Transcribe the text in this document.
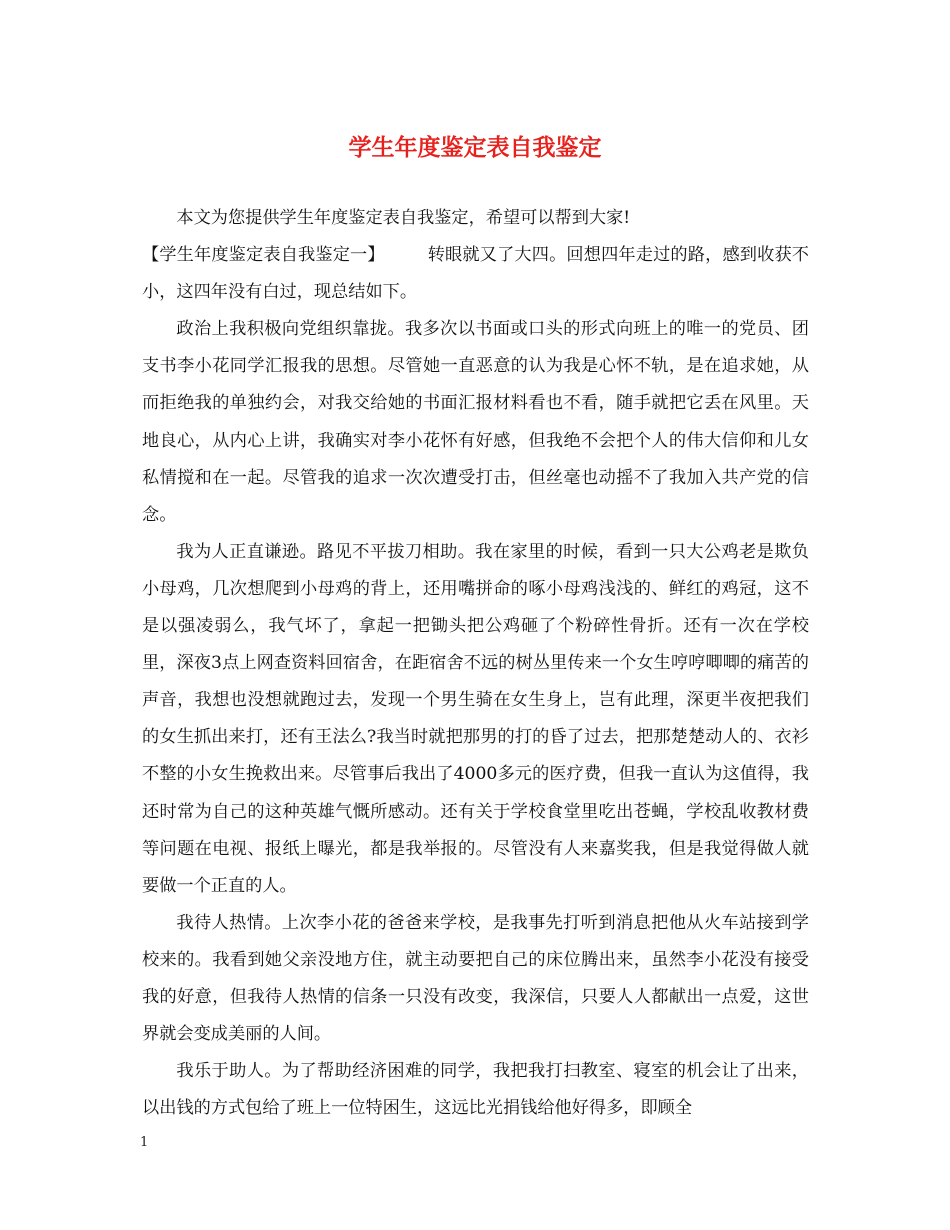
学生年度鉴定表自我鉴定

本文为您提供学生年度鉴定表自我鉴定，希望可以帮到大家!

【学生年度鉴定表自我鉴定一】	转眼就又了大四。回想四年走过的路，感到收获不小，这四年没有白过，现总结如下。

政治上我积极向党组织靠拢。我多次以书面或口头的形式向班上的唯一的党员、团支书李小花同学汇报我的思想。尽管她一直恶意的认为我是心怀不轨，是在追求她，从而拒绝我的单独约会，对我交给她的书面汇报材料看也不看，随手就把它丢在风里。天地良心，从内心上讲，我确实对李小花怀有好感，但我绝不会把个人的伟大信仰和儿女私情搅和在一起。尽管我的追求一次次遭受打击，但丝毫也动摇不了我加入共产党的信念。

我为人正直谦逊。路见不平拔刀相助。我在家里的时候，看到一只大公鸡老是欺负小母鸡，几次想爬到小母鸡的背上，还用嘴拼命的啄小母鸡浅浅的、鲜红的鸡冠，这不是以强凌弱么，我气坏了，拿起一把锄头把公鸡砸了个粉碎性骨折。还有一次在学校里，深夜3点上网查资料回宿舍，在距宿舍不远的树丛里传来一个女生哼哼唧唧的痛苦的声音，我想也没想就跑过去，发现一个男生骑在女生身上，岂有此理，深更半夜把我们的女生抓出来打，还有王法么?我当时就把那男的打的昏了过去，把那楚楚动人的、衣衫不整的小女生挽救出来。尽管事后我出了4000多元的医疗费，但我一直认为这值得，我还时常为自己的这种英雄气慨所感动。还有关于学校食堂里吃出苍蝇，学校乱收教材费等问题在电视、报纸上曝光，都是我举报的。尽管没有人来嘉奖我，但是我觉得做人就要做一个正直的人。

我待人热情。上次李小花的爸爸来学校，是我事先打听到消息把他从火车站接到学校来的。我看到她父亲没地方住，就主动要把自己的床位腾出来，虽然李小花没有接受我的好意，但我待人热情的信条一只没有改变，我深信，只要人人都献出一点爱，这世界就会变成美丽的人间。

我乐于助人。为了帮助经济困难的同学，我把我打扫教室、寝室的机会让了出来，以出钱的方式包给了班上一位特困生，这远比光捐钱给他好得多，即顾全

1
